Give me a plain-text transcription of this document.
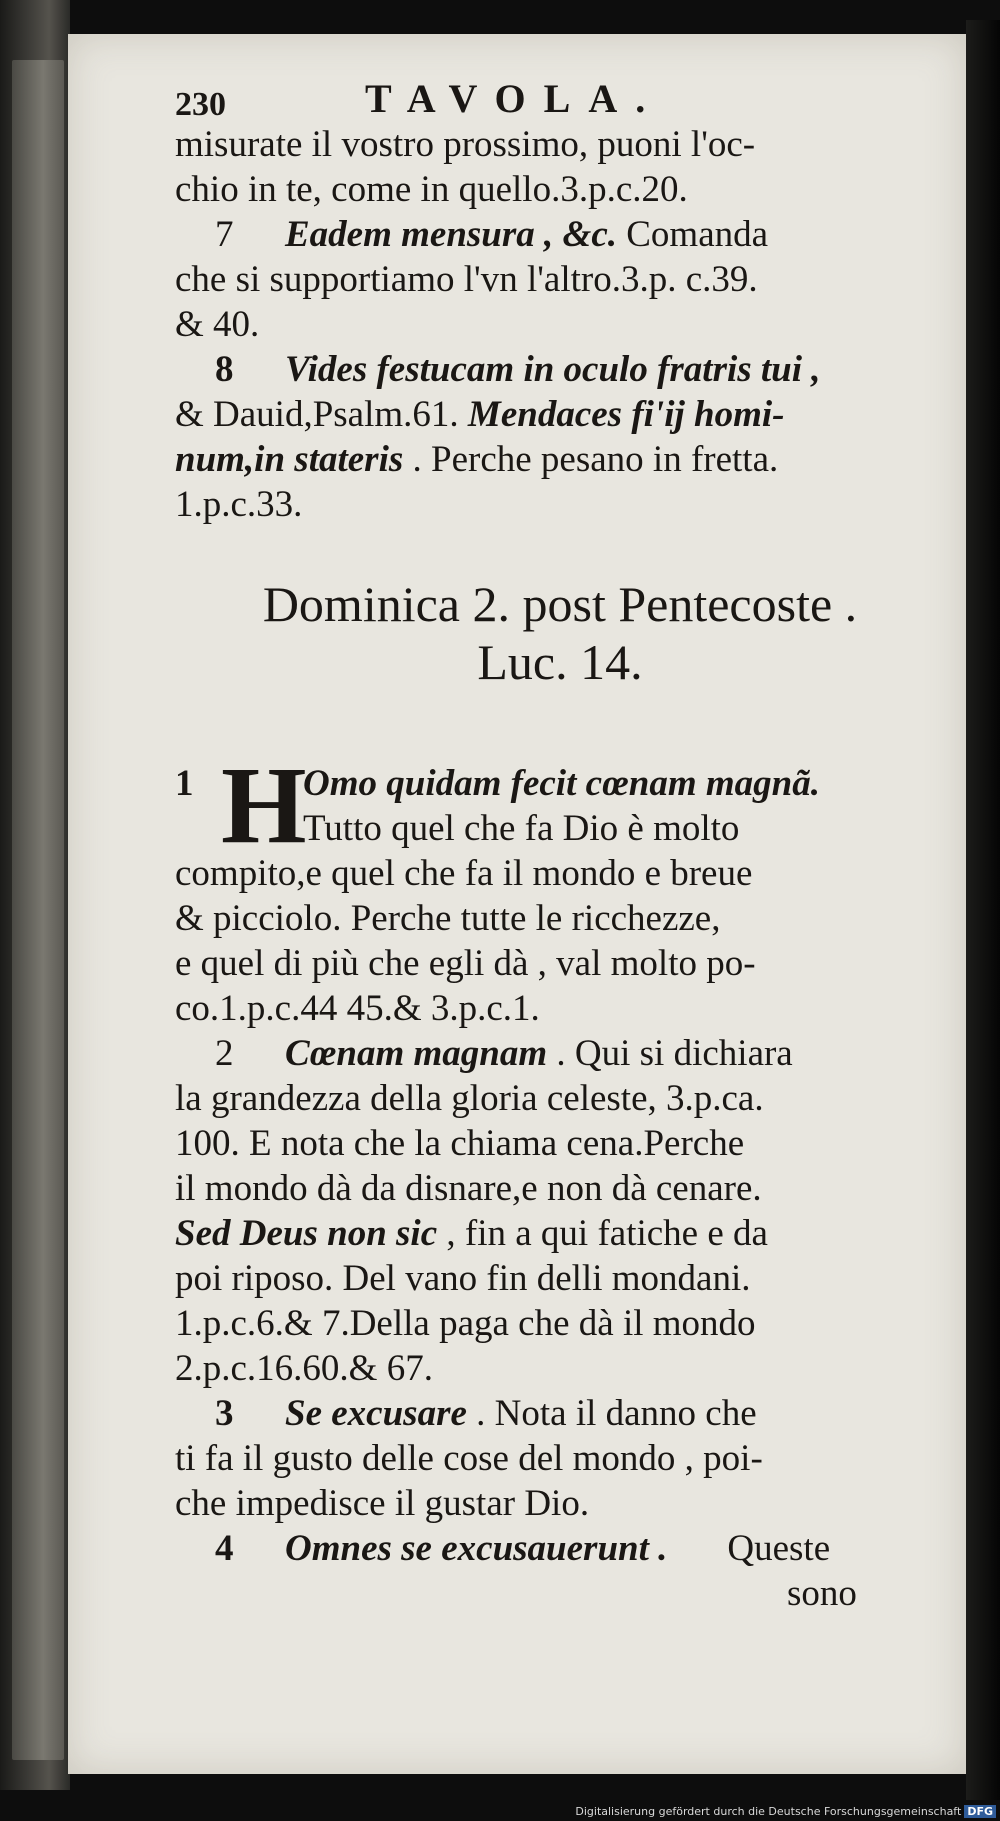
230	TAVOLA.
misurate il vostro prossimo, puoni l'oc-
chio in te, come in quello.3.p.c.20.
7 Eadem mensura , &c. Comanda
che si supportiamo l'vn l'altro.3.p. c.39.
& 40.
8 Vides festucam in oculo fratris tui ,
& Dauid,Psalm.61. Mendaces fi'ij homi-
num,in stateris . Perche pesano in fretta.
1.p.c.33.
Dominica 2. post Pentecoste .
Luc. 14.
H
1	Omo quidam fecit cœnam magnã.
Tutto quel che fa Dio è molto
compito,e quel che fa il mondo e breue
& picciolo. Perche tutte le ricchezze,
e quel di più che egli dà , val molto po-
co.1.p.c.44 45.& 3.p.c.1.
2 Cœnam magnam . Qui si dichiara
la grandezza della gloria celeste, 3.p.ca.
100. E nota che la chiama cena.Perche
il mondo dà da disnare,e non dà cenare.
Sed Deus non sic , fin a qui fatiche e da
poi riposo. Del vano fin delli mondani.
1.p.c.6.& 7.Della paga che dà il mondo
2.p.c.16.60.& 67.
3 Se excusare . Nota il danno che
ti fa il gusto delle cose del mondo , poi-
che impedisce il gustar Dio.
4 Omnes se excusauerunt . Queste
sono
Digitalisierung gefördert durch die Deutsche Forschungsgemeinschaft DFG
